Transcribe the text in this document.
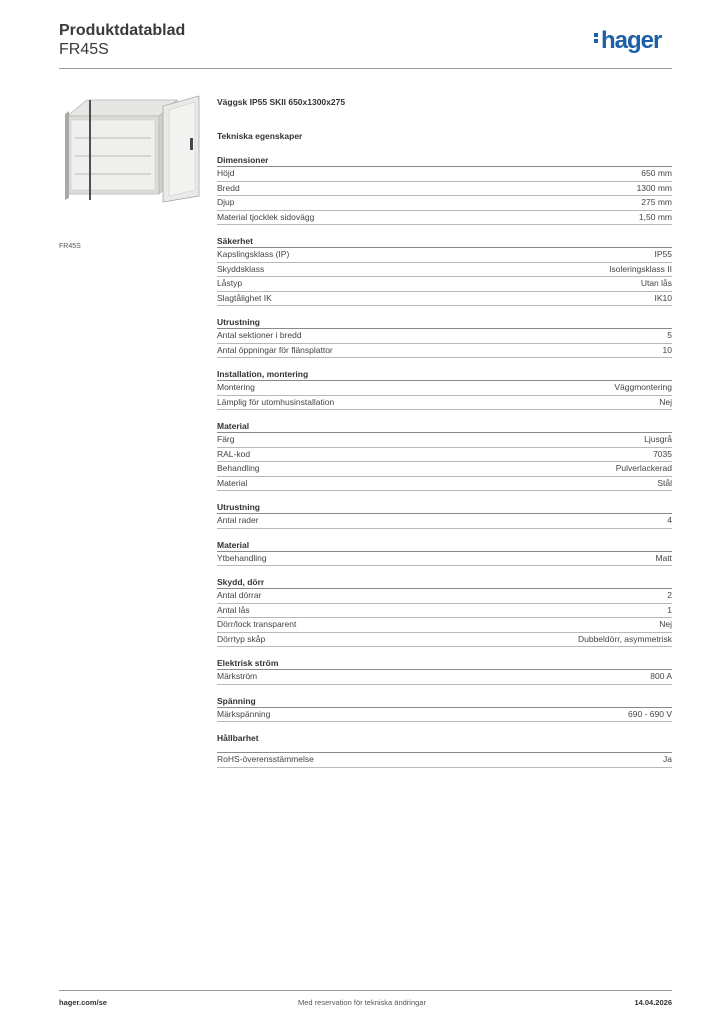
Produktdatablad
FR45S	hager
FR45S
Väggsk IP55 SKII 650x1300x275
Tekniska egenskaper
Dimensioner
Höjd	650 mm
Bredd	1300 mm
Djup	275 mm
Material tjocklek sidovägg	1,50 mm
Säkerhet
Kapslingsklass (IP)	IP55
Skyddsklass	Isoleringsklass II
Låstyp	Utan lås
Slagtålighet IK	IK10
Utrustning
Antal sektioner i bredd	5
Antal öppningar för flänsplattor	10
Installation, montering
Montering	Väggmontering
Lämplig för utomhusinstallation	Nej
Material
Färg	Ljusgrå
RAL-kod	7035
Behandling	Pulverlackerad
Material	Stål
Utrustning
Antal rader	4
Material
Ytbehandling	Matt
Skydd, dörr
Antal dörrar	2
Antal lås	1
Dörr/lock transparent	Nej
Dörrtyp skåp	Dubbeldörr, asymmetrisk
Elektrisk ström
Märkström	800 A
Spänning
Märkspänning	690 - 690 V
Hållbarhet
RoHS-överensstämmelse	Ja
hager.com/se	Med reservation för tekniska ändringar	14.04.2026
